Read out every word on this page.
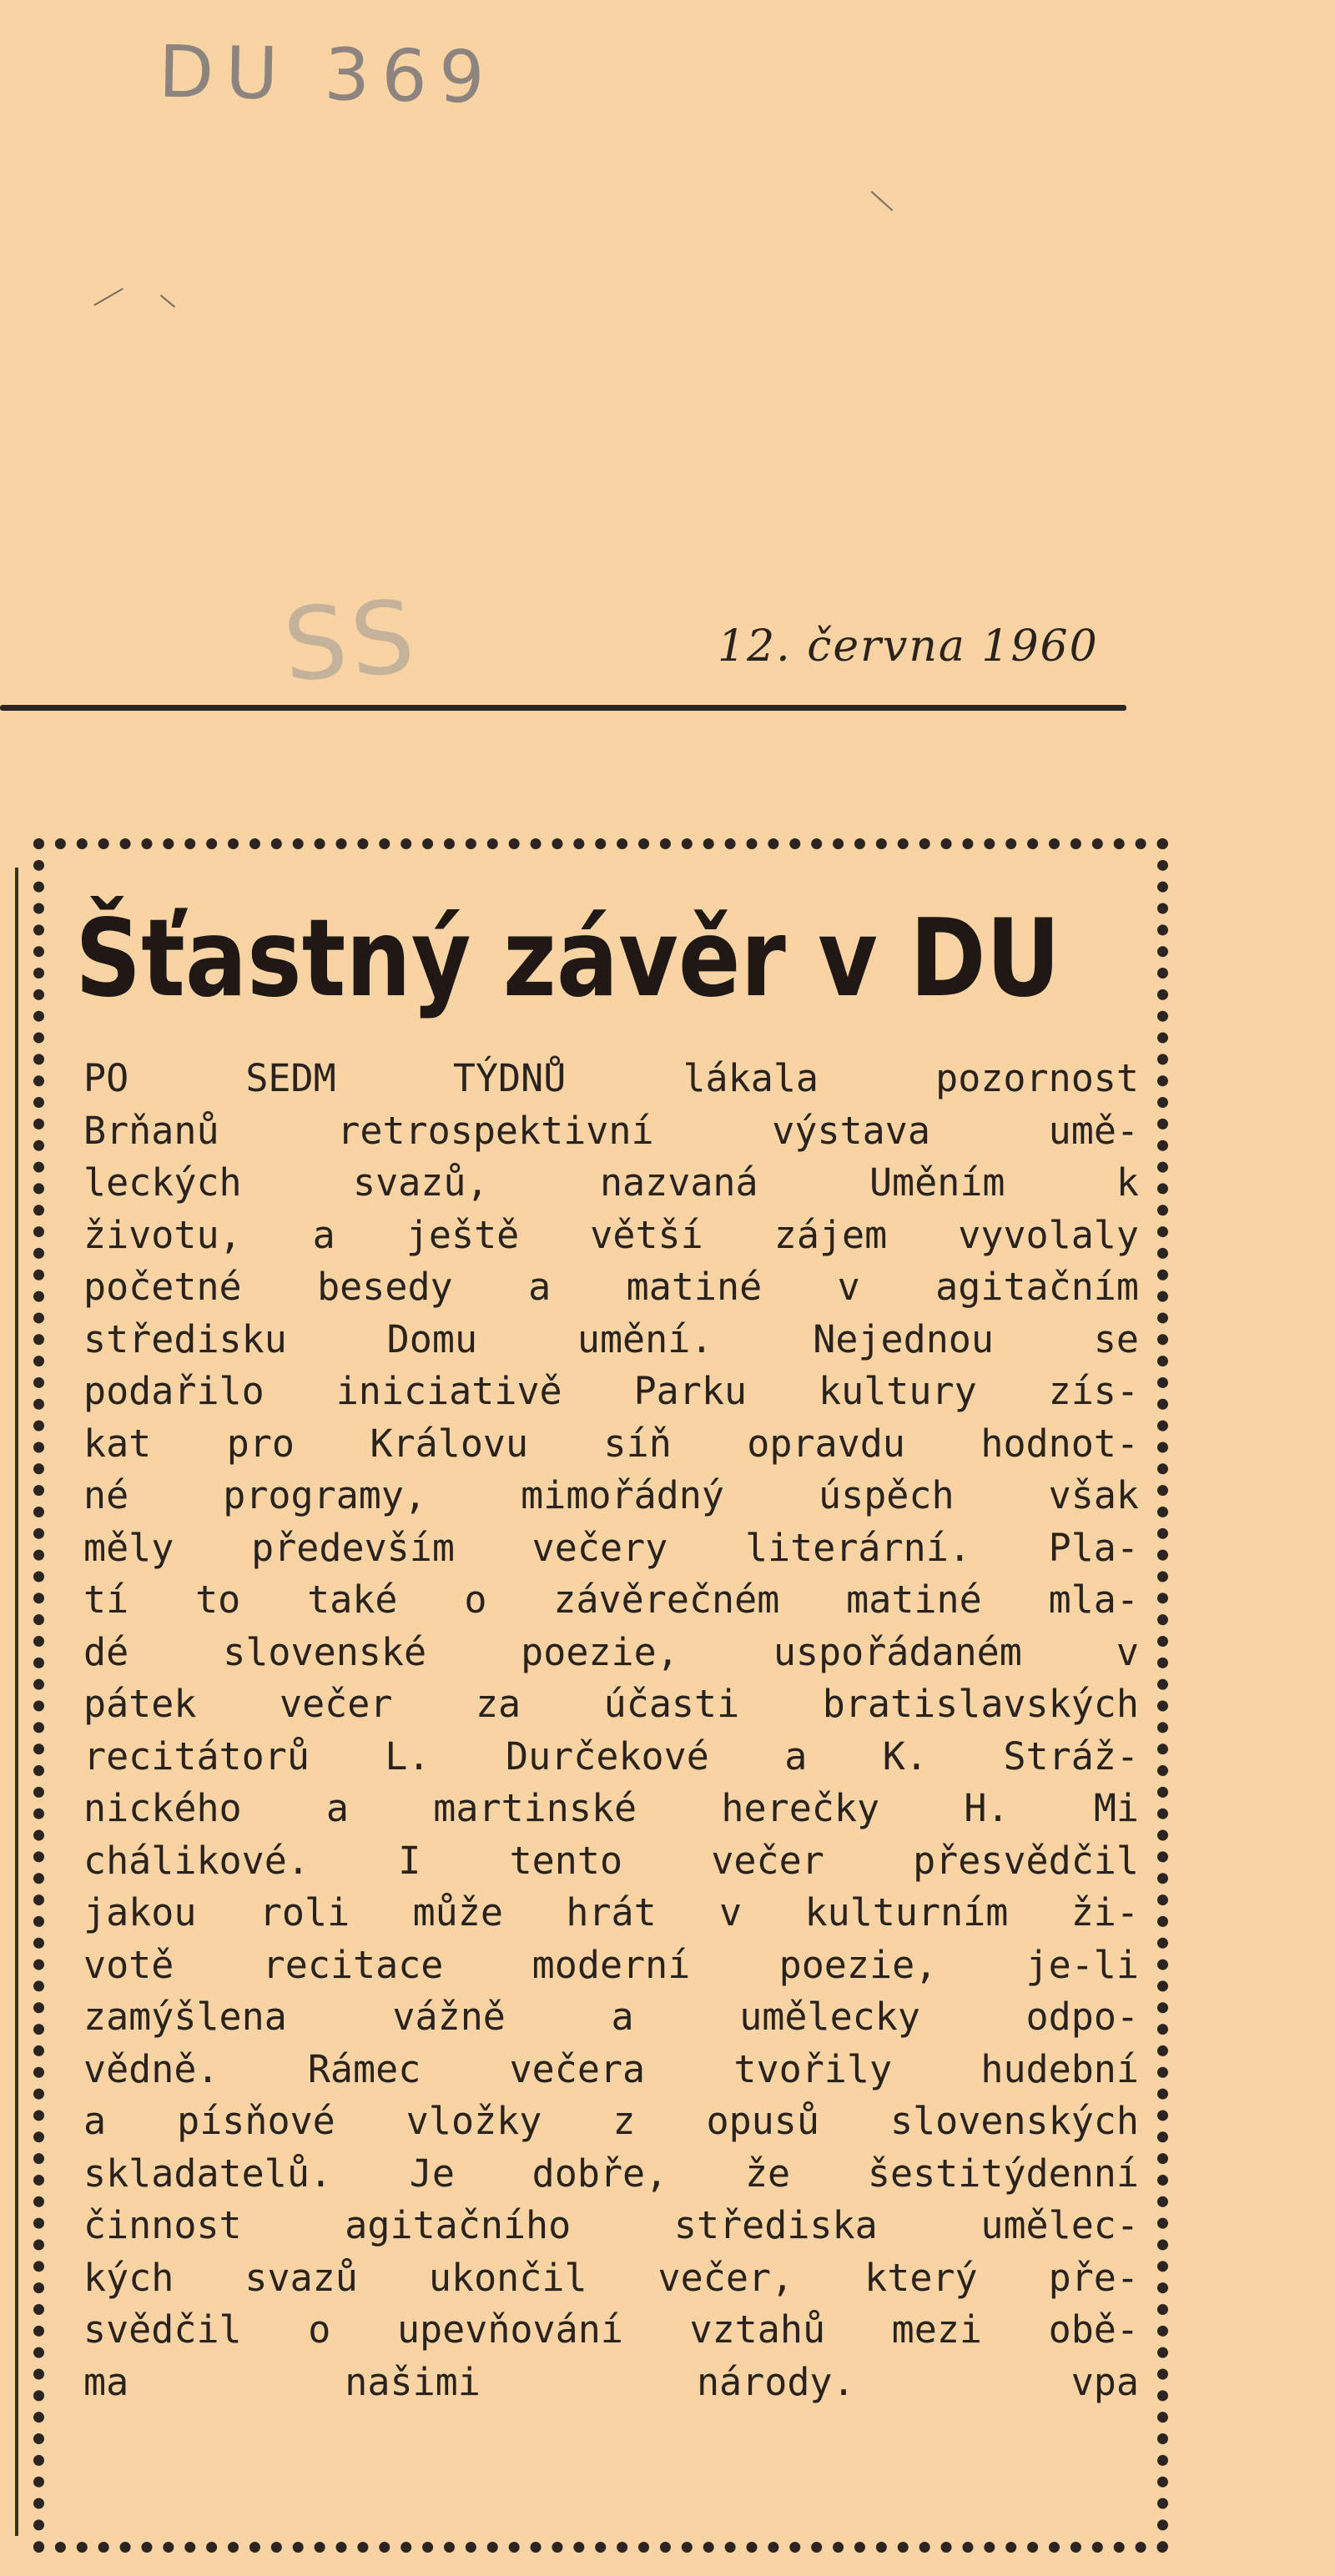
DU 369
SS	12. června 1960
Šťastný závěr v DU
PO SEDM TÝDNŮ lákala pozornost
Brňanů retrospektivní výstava umě-
leckých svazů, nazvaná Uměním k
životu, a ještě větší zájem vyvolaly
početné besedy a matiné v agitačním
středisku Domu umění. Nejednou se
podařilo iniciativě Parku kultury zís-
kat pro Královu síň opravdu hodnot-
né programy, mimořádný úspěch však
měly především večery literární. Pla-
tí to také o závěrečném matiné mla-
dé slovenské poezie, uspořádaném v
pátek večer za účasti bratislavských
recitátorů L. Durčekové a K. Stráž-
nického a martinské herečky H. Mi
chálikové. I tento večer přesvědčil
jakou roli může hrát v kulturním ži-
votě recitace moderní poezie, je-li
zamýšlena vážně a umělecky odpo-
vědně. Rámec večera tvořily hudební
a písňové vložky z opusů slovenských
skladatelů. Je dobře, že šestitýdenní
činnost agitačního střediska umělec-
kých svazů ukončil večer, který pře-
svědčil o upevňování vztahů mezi obě-
ma našimi národy. vpa
